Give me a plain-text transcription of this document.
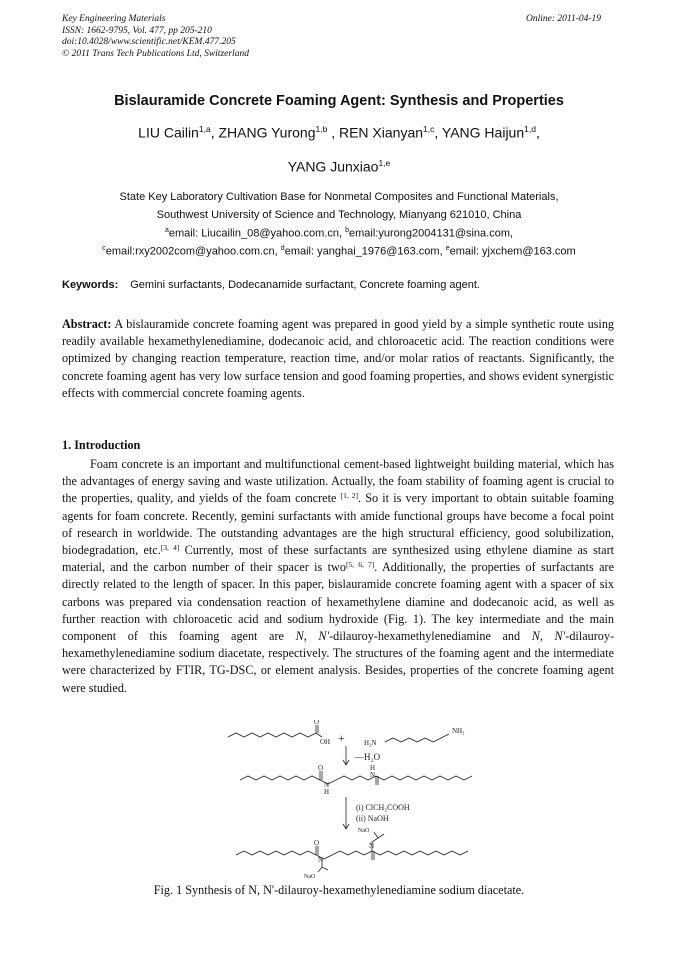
Key Engineering Materials
ISSN: 1662-9795, Vol. 477, pp 205-210
doi:10.4028/www.scientific.net/KEM.477.205
© 2011 Trans Tech Publications Ltd, Switzerland
Online: 2011-04-19
Bislauramide Concrete Foaming Agent: Synthesis and Properties
LIU Cailin$^{1,a}$, ZHANG Yurong$^{1,b}$ , REN Xianyan$^{1,c}$, YANG Haijun$^{1,d}$,
YANG Junxiao$^{1,e}$
State Key Laboratory Cultivation Base for Nonmetal Composites and Functional Materials,
Southwest University of Science and Technology, Mianyang 621010, China
$^a$email: Liucailin_08@yahoo.com.cn, $^b$email:yurong2004131@sina.com,
$^c$email:rxy2002com@yahoo.com.cn, $^d$email: yanghai_1976@163.com, $^e$email: yjxchem@163.com
Keywords: Gemini surfactants, Dodecanamide surfactant, Concrete foaming agent.
Abstract: A bislauramide concrete foaming agent was prepared in good yield by a simple synthetic route using readily available hexamethylenediamine, dodecanoic acid, and chloroacetic acid. The reaction conditions were optimized by changing reaction temperature, reaction time, and/or molar ratios of reactants. Significantly, the concrete foaming agent has very low surface tension and good foaming properties, and shows evident synergistic effects with commercial concrete foaming agents.
1. Introduction
Foam concrete is an important and multifunctional cement-based lightweight building material, which has the advantages of energy saving and waste utilization. Actually, the foam stability of foaming agent is crucial to the properties, quality, and yields of the foam concrete [1, 2]. So it is very important to obtain suitable foaming agents for foam concrete. Recently, gemini surfactants with amide functional groups have become a focal point of research in worldwide. The outstanding advantages are the high structural efficiency, good solubilization, biodegradation, etc.[3, 4] Currently, most of these surfactants are synthesized using ethylene diamine as start material, and the carbon number of their spacer is two[5, 6, 7]. Additionally, the properties of surfactants are directly related to the length of spacer. In this paper, bislauramide concrete foaming agent with a spacer of six carbons was prepared via condensation reaction of hexamethylene diamine and dodecanoic acid, as well as further reaction with chloroacetic acid and sodium hydroxide (Fig. 1). The key intermediate and the main component of this foaming agent are N, N'-dilauroy-hexamethylenediamine and N, N'-dilauroy-hexamethylenediamine sodium diacetate, respectively. The structures of the foaming agent and the intermediate were characterized by FTIR, TG-DSC, or element analysis. Besides, properties of the concrete foaming agent were studied.
O
OH +	H₂N
NH₂
—H₂O
O
N
H
H
N
(i) ClCH₂COOH
(ii) NaOH
N
N
O
NaO
NaO
Fig. 1 Synthesis of N, N'-dilauroy-hexamethylenediamine sodium diacetate.
